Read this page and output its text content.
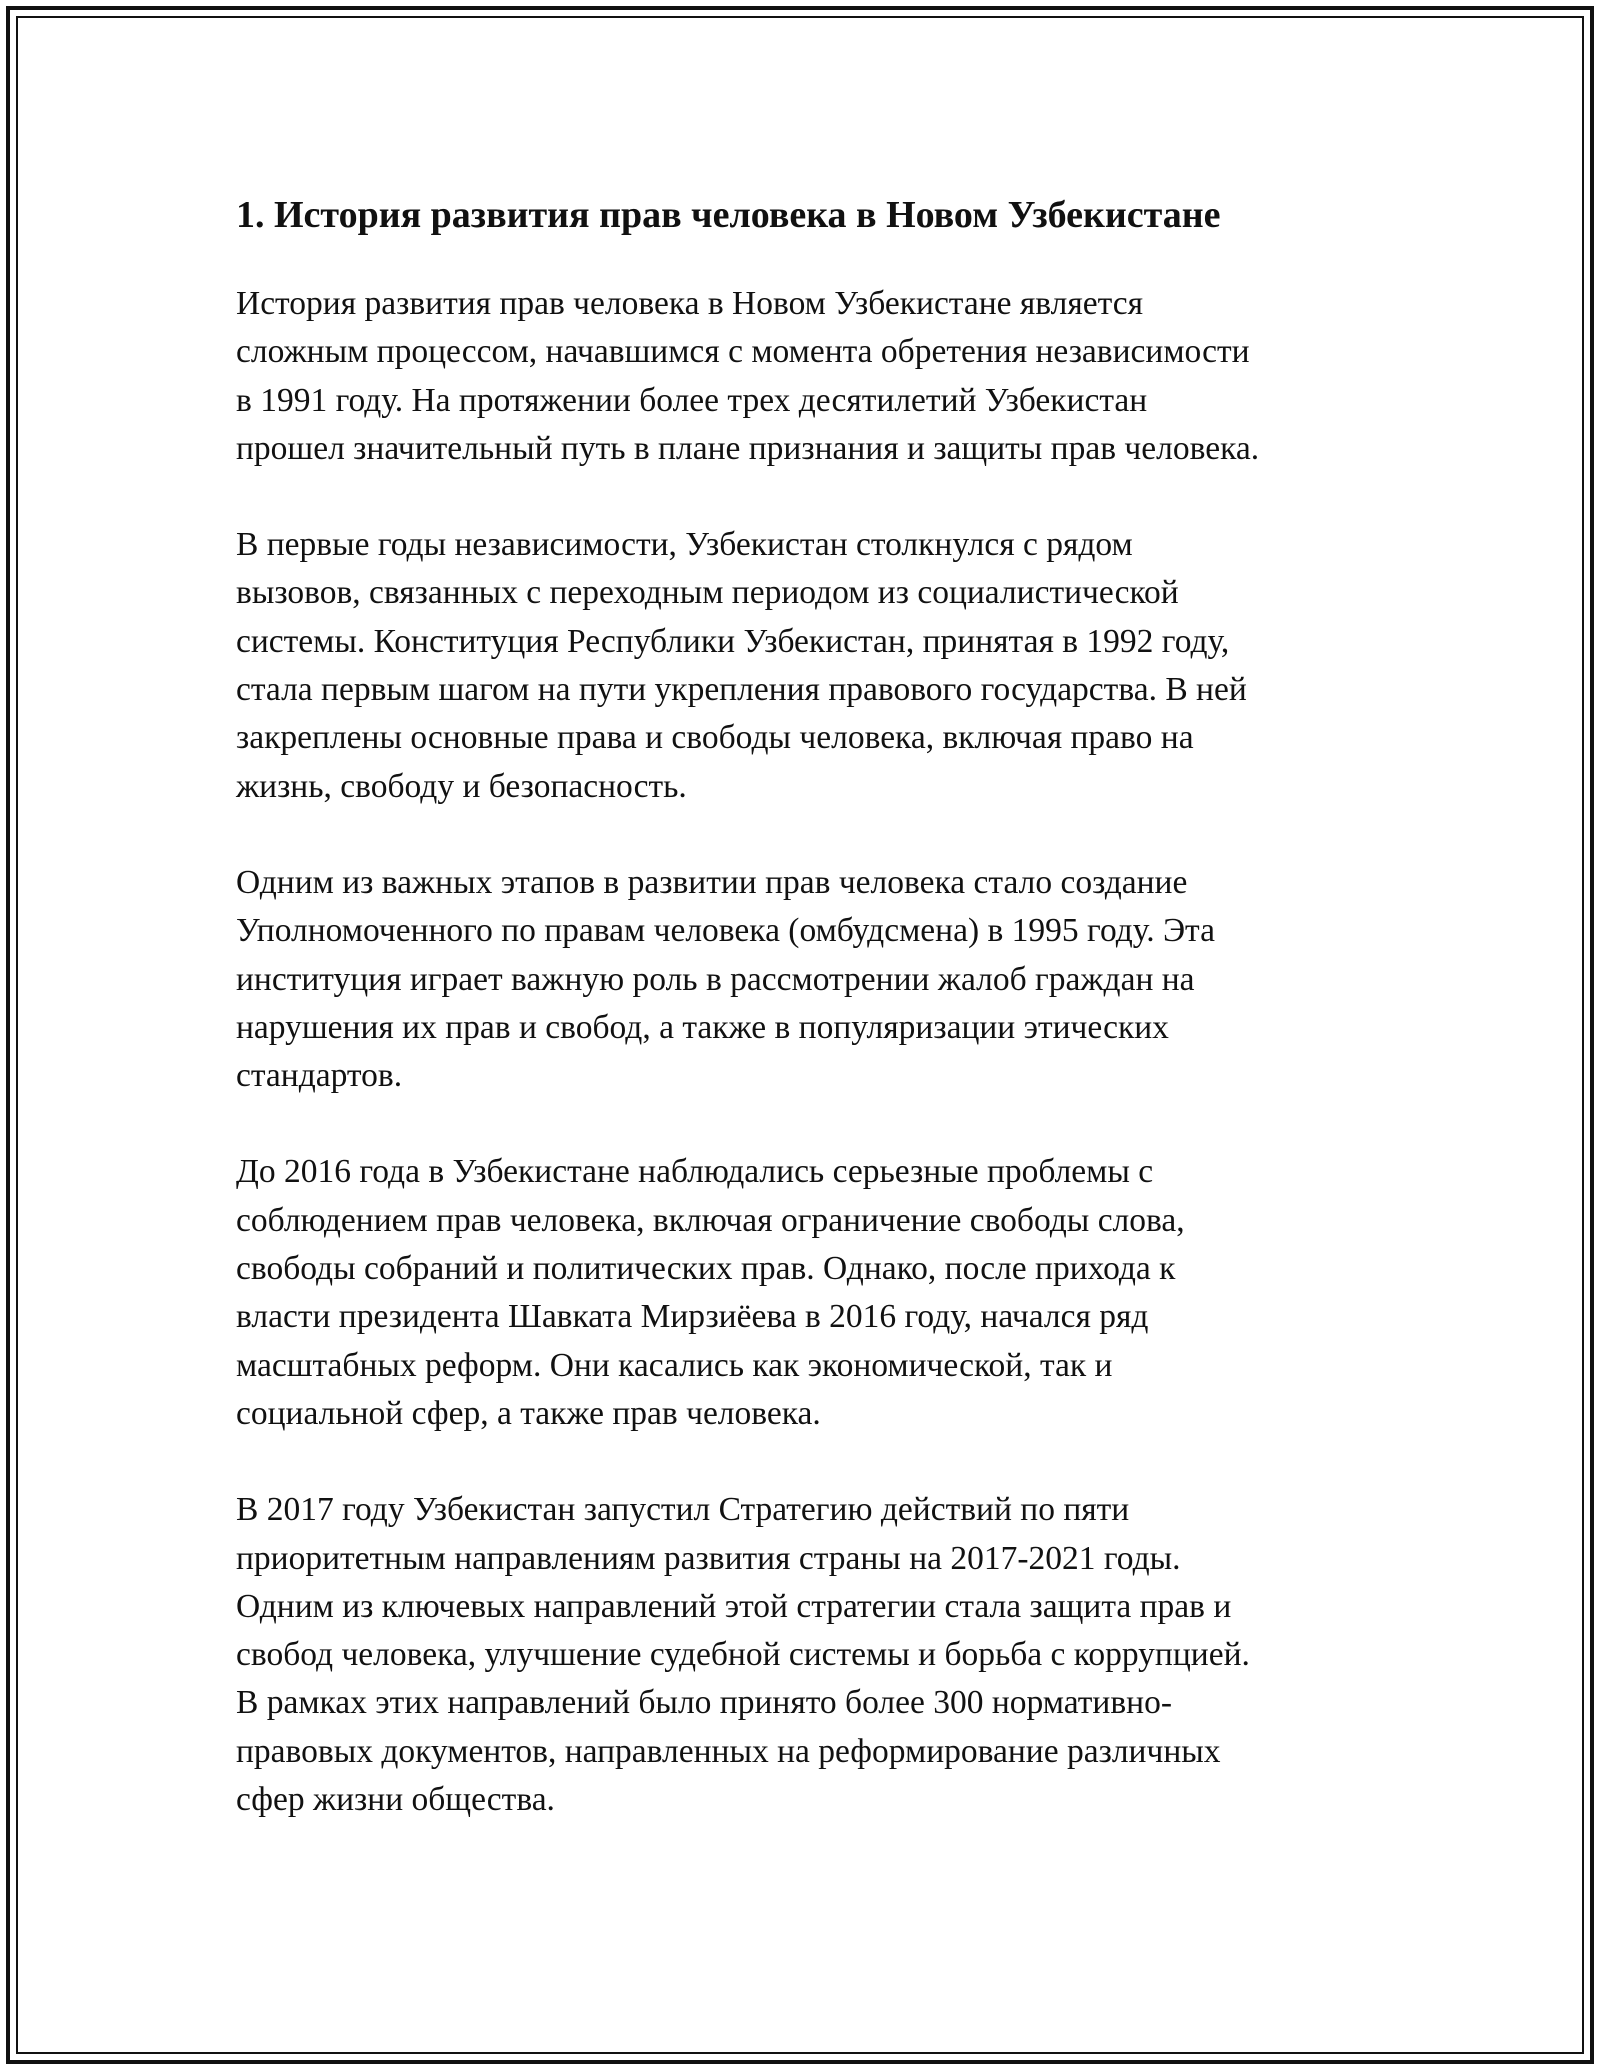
1. История развития прав человека в Новом Узбекистане

История развития прав человека в Новом Узбекистане является
сложным процессом, начавшимся с момента обретения независимости
в 1991 году. На протяжении более трех десятилетий Узбекистан
прошел значительный путь в плане признания и защиты прав человека.

В первые годы независимости, Узбекистан столкнулся с рядом
вызовов, связанных с переходным периодом из социалистической
системы. Конституция Республики Узбекистан, принятая в 1992 году,
стала первым шагом на пути укрепления правового государства. В ней
закреплены основные права и свободы человека, включая право на
жизнь, свободу и безопасность.

Одним из важных этапов в развитии прав человека стало создание
Уполномоченного по правам человека (омбудсмена) в 1995 году. Эта
институция играет важную роль в рассмотрении жалоб граждан на
нарушения их прав и свобод, а также в популяризации этических
стандартов.

До 2016 года в Узбекистане наблюдались серьезные проблемы с
соблюдением прав человека, включая ограничение свободы слова,
свободы собраний и политических прав. Однако, после прихода к
власти президента Шавката Мирзиёева в 2016 году, начался ряд
масштабных реформ. Они касались как экономической, так и
социальной сфер, а также прав человека.

В 2017 году Узбекистан запустил Стратегию действий по пяти
приоритетным направлениям развития страны на 2017-2021 годы.
Одним из ключевых направлений этой стратегии стала защита прав и
свобод человека, улучшение судебной системы и борьба с коррупцией.
В рамках этих направлений было принято более 300 нормативно-
правовых документов, направленных на реформирование различных
сфер жизни общества.
